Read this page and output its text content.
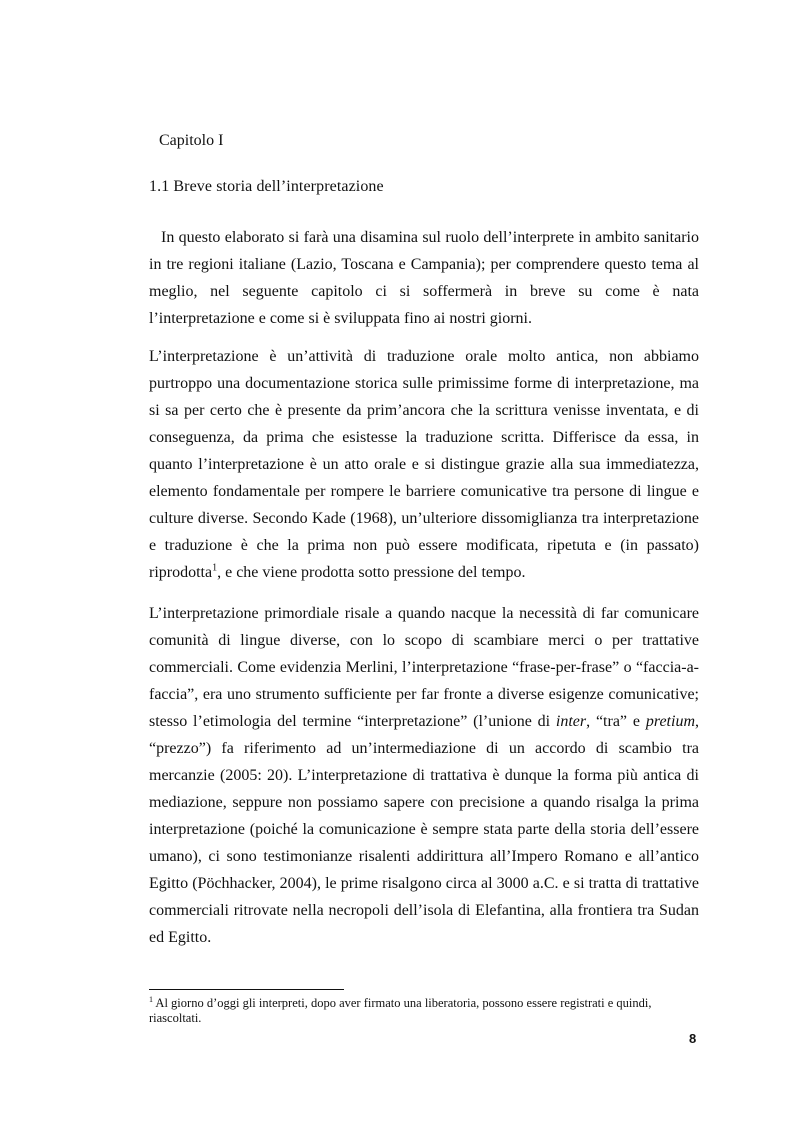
Capitolo I
1.1 Breve storia dell’interpretazione

In questo elaborato si farà una disamina sul ruolo dell’interprete in ambito sanitario in tre regioni italiane (Lazio, Toscana e Campania); per comprendere questo tema al meglio, nel seguente capitolo ci si soffermerà in breve su come è nata l’interpretazione e come si è sviluppata fino ai nostri giorni.

L’interpretazione è un’attività di traduzione orale molto antica, non abbiamo purtroppo una documentazione storica sulle primissime forme di interpretazione, ma si sa per certo che è presente da prim’ancora che la scrittura venisse inventata, e di conseguenza, da prima che esistesse la traduzione scritta. Differisce da essa, in quanto l’interpretazione è un atto orale e si distingue grazie alla sua immediatezza, elemento fondamentale per rompere le barriere comunicative tra persone di lingue e culture diverse. Secondo Kade (1968), un’ulteriore dissomiglianza tra interpretazione e traduzione è che la prima non può essere modificata, ripetuta e (in passato) riprodotta$^1$, e che viene prodotta sotto pressione del tempo.

L’interpretazione primordiale risale a quando nacque la necessità di far comunicare comunità di lingue diverse, con lo scopo di scambiare merci o per trattative commerciali. Come evidenzia Merlini, l’interpretazione “frase-per-frase” o “faccia-a-faccia”, era uno strumento sufficiente per far fronte a diverse esigenze comunicative; stesso l’etimologia del termine “interpretazione” (l’unione di inter, “tra” e pretium, “prezzo”) fa riferimento ad un’intermediazione di un accordo di scambio tra mercanzie (2005: 20). L’interpretazione di trattativa è dunque la forma più antica di mediazione, seppure non possiamo sapere con precisione a quando risalga la prima interpretazione (poiché la comunicazione è sempre stata parte della storia dell’essere umano), ci sono testimonianze risalenti addirittura all’Impero Romano e all’antico Egitto (Pöchhacker, 2004), le prime risalgono circa al 3000 a.C. e si tratta di trattative commerciali ritrovate nella necropoli dell’isola di Elefantina, alla frontiera tra Sudan ed Egitto.

$^1$ Al giorno d’oggi gli interpreti, dopo aver firmato una liberatoria, possono essere registrati e quindi, riascoltati.
8
